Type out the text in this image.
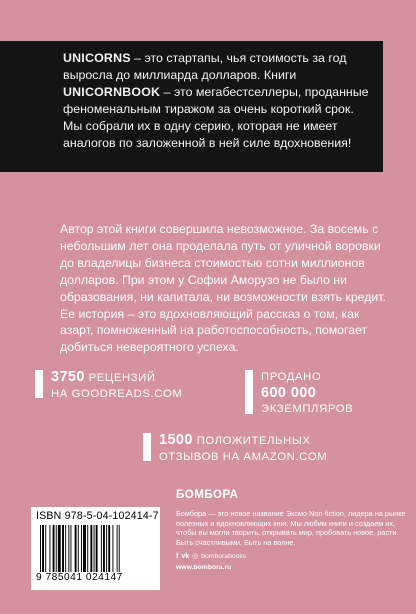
UNICORNS – это стартапы, чья стоимость за год выросла до миллиарда долларов. Книги
UNICORNBOOK – это мегабестселлеры, проданные феноменальным тиражом за очень короткий срок. Мы собрали их в одну серию, которая не имеет аналогов по заложенной в ней силе вдохновения!

Автор этой книги совершила невозможное. За восемь с небольшим лет она проделала путь от уличной воровки до владелицы бизнеса стоимостью сотни миллионов долларов. При этом у Софии Аморузо не было ни образования, ни капитала, ни возможности взять кредит. Ее история – это вдохновляющий рассказ о том, как азарт, помноженный на работоспособность, помогает добиться невероятного успеха.

3750 РЕЦЕНЗИЙ
НА GOODREADS.COM
ПРОДАНО
600 000
ЭКЗЕМПЛЯРОВ
1500 ПОЛОЖИТЕЛЬНЫХ
ОТЗЫВОВ НА AMAZON.COM
ISBN 978-5-04-102414-7
9 785041 024147
БОМБОРА
Бомбора — это новое название Эксмо Non-fiction, лидера на рынке полезных и вдохновляющих книг. Мы любим книги и создаем их, чтобы вы могли творить, открывать мир, пробовать новое, расти. Быть счастливыми. Быть на волне.
f vk ◎ bomborabooks
www.bombora.ru
